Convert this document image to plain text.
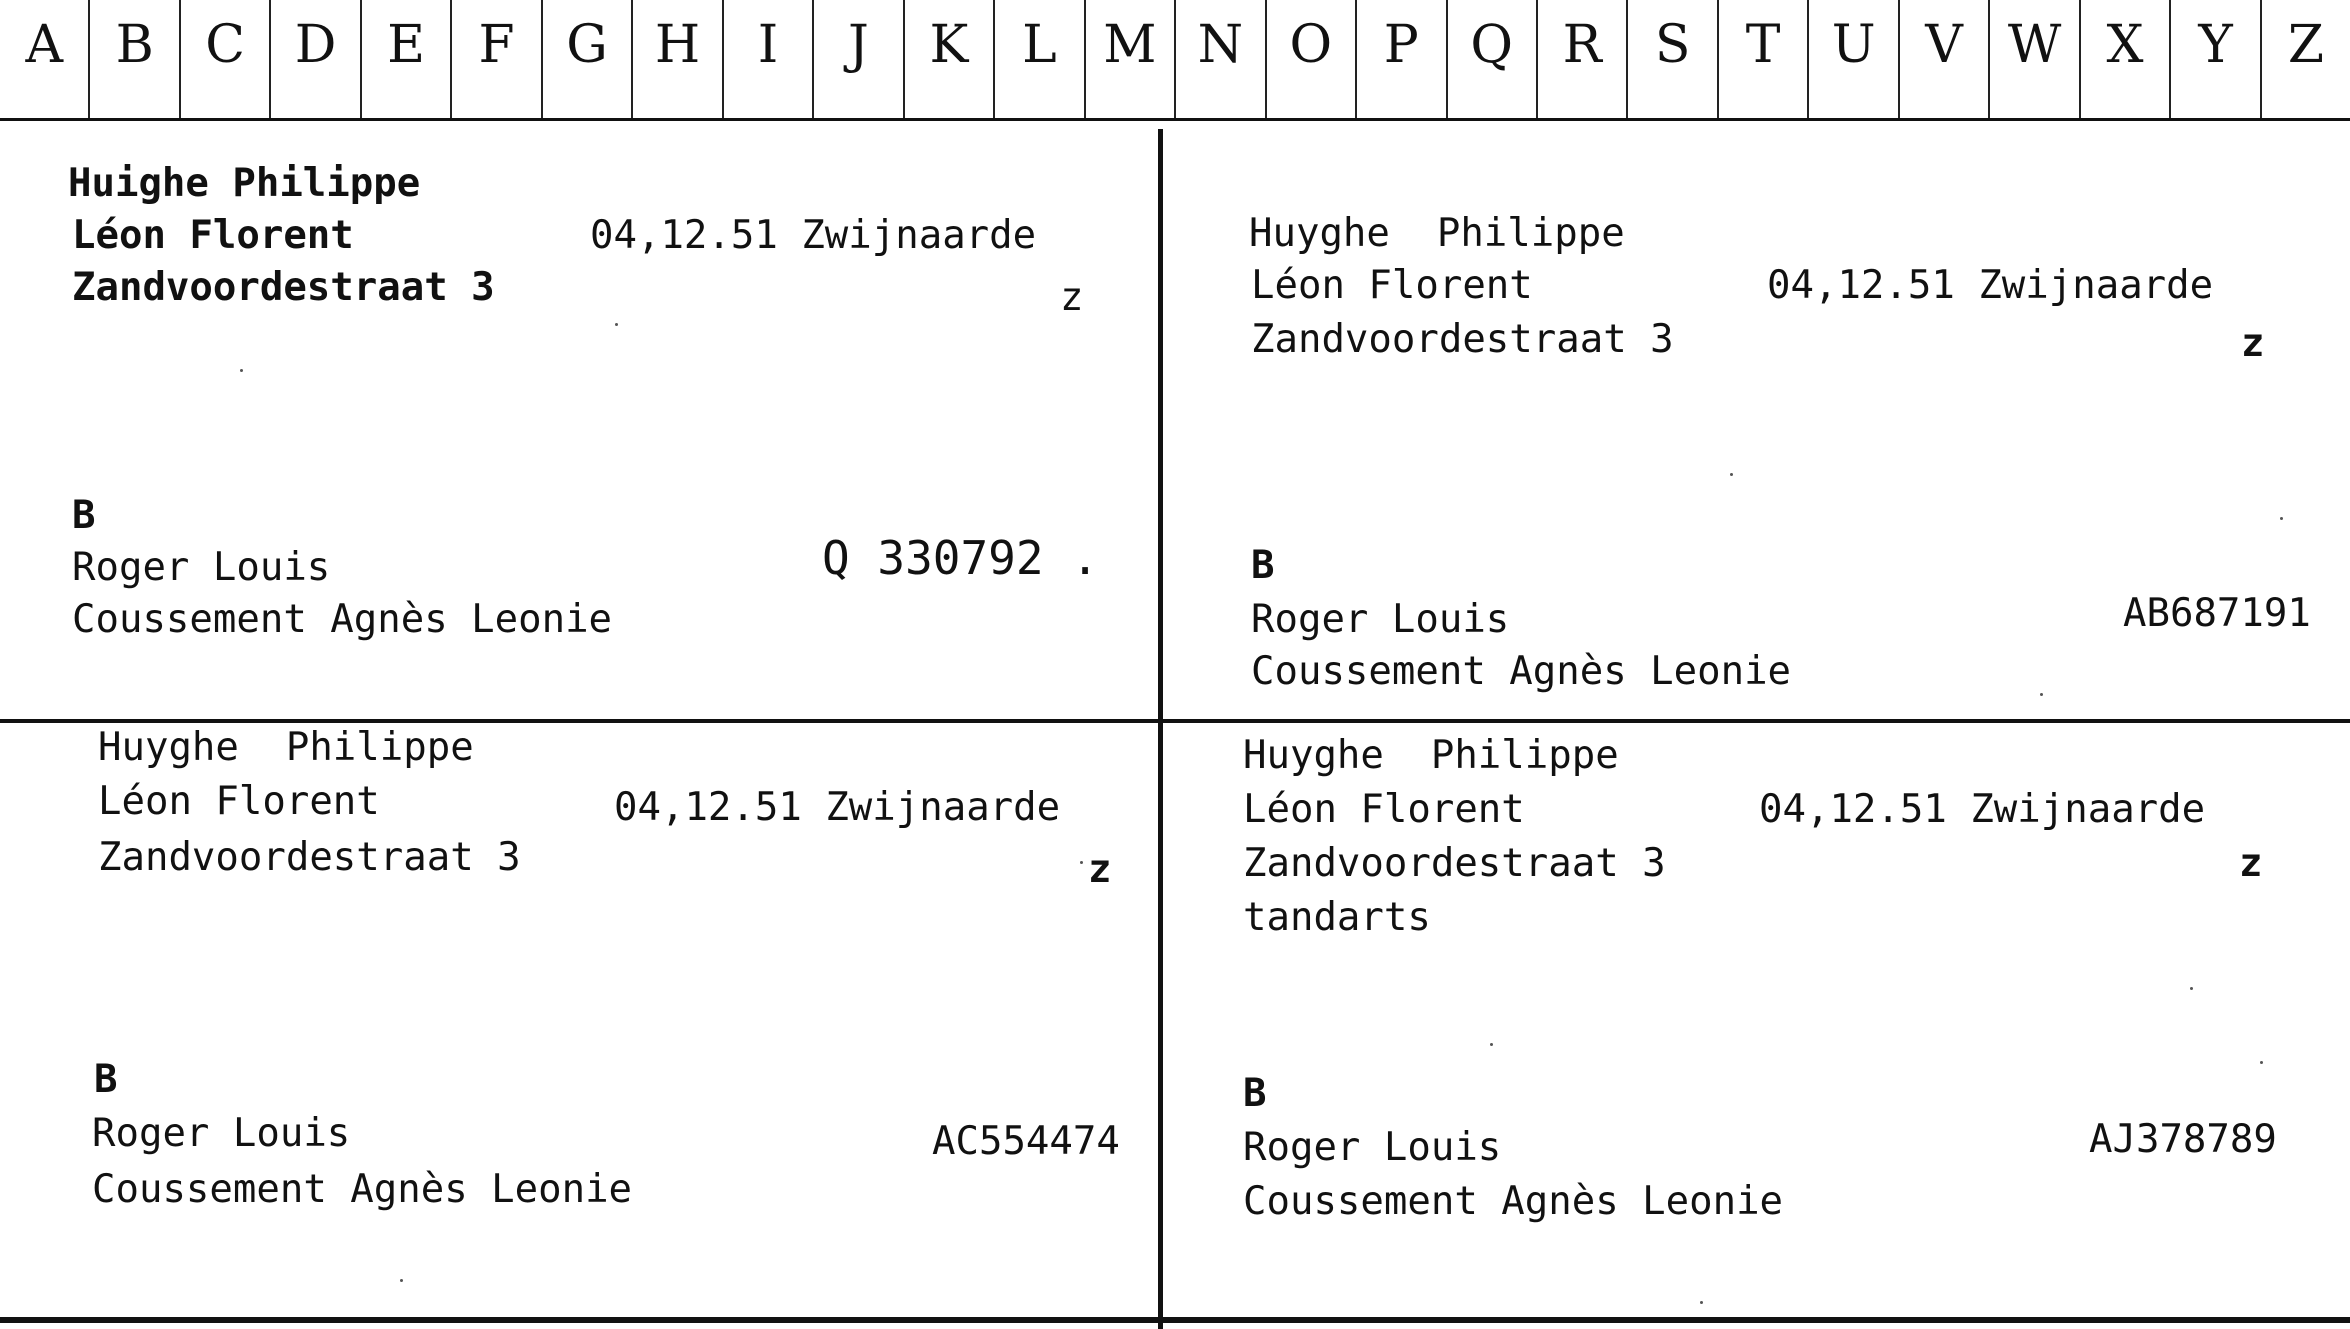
A	B C D E	F G H	I	J	K	L M N O P Q R	S	T U V W X	Y	Z
Huighe Philippe
Léon Florent	04,12.51 Zwijnaarde
Zandvoordestraat 3	z
B
Roger Louis	Q 330792 .
Coussement Agnès Leonie
Huyghe  Philippe
Léon Florent	04,12.51 Zwijnaarde
Zandvoordestraat 3	z
B
Roger Louis	AB687191
Coussement Agnès Leonie
Huyghe  Philippe
Léon Florent	04,12.51 Zwijnaarde
Zandvoordestraat 3	z
B
Roger Louis	AC554474
Coussement Agnès Leonie
Huyghe  Philippe
Léon Florent	04,12.51 Zwijnaarde
Zandvoordestraat 3	z
tandarts
B
Roger Louis	AJ378789
Coussement Agnès Leonie
